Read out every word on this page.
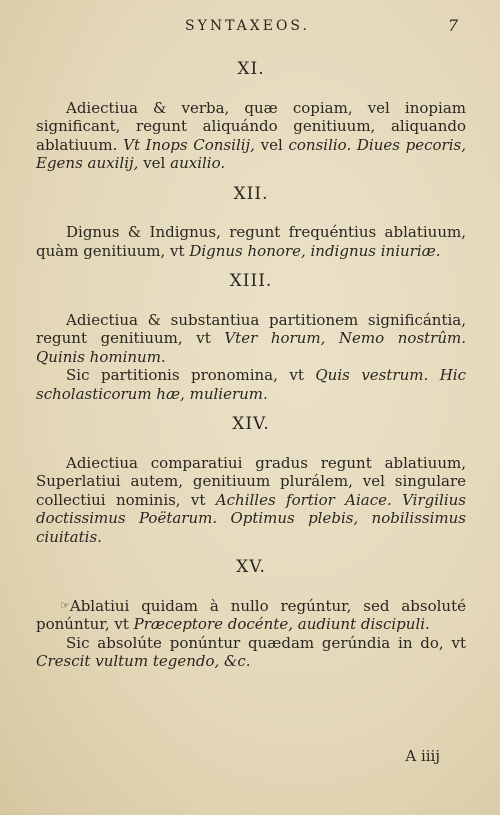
SYNTAXEOS.	7
XI.

Adiectiua & verba, quæ copiam, vel inopiam significant, regunt aliquándo genitiuum, aliquando ablatiuum. Vt Inops Consilij, vel consilio. Diues pecoris, Egens auxilij, vel auxilio.

XII.

Dignus & Indignus, regunt frequéntius ablatiuum, quàm genitiuum, vt Dignus honore, indignus iniuriæ.

XIII.

Adiectiua & substantiua partitionem significántia, regunt genitiuum, vt Vter horum, Nemo nostrûm. Quinis hominum.

Sic partitionis pronomina, vt Quis vestrum. Hic scholasticorum hæ, mulierum.

XIV.

Adiectiua comparatiui gradus regunt ablatiuum, Superlatiui autem, genitiuum plurálem, vel singulare collectiui nominis, vt Achilles fortior Aiace. Virgilius doctissimus Poëtarum. Optimus plebis, nobilissimus ciuitatis.

XV.

☞Ablatiui quidam à nullo regúntur, sed absoluté ponúntur, vt Præceptore docénte, audiunt discipuli.

Sic absolúte ponúntur quædam gerúndia in do, vt Crescit vultum tegendo, &c.

A iiij
